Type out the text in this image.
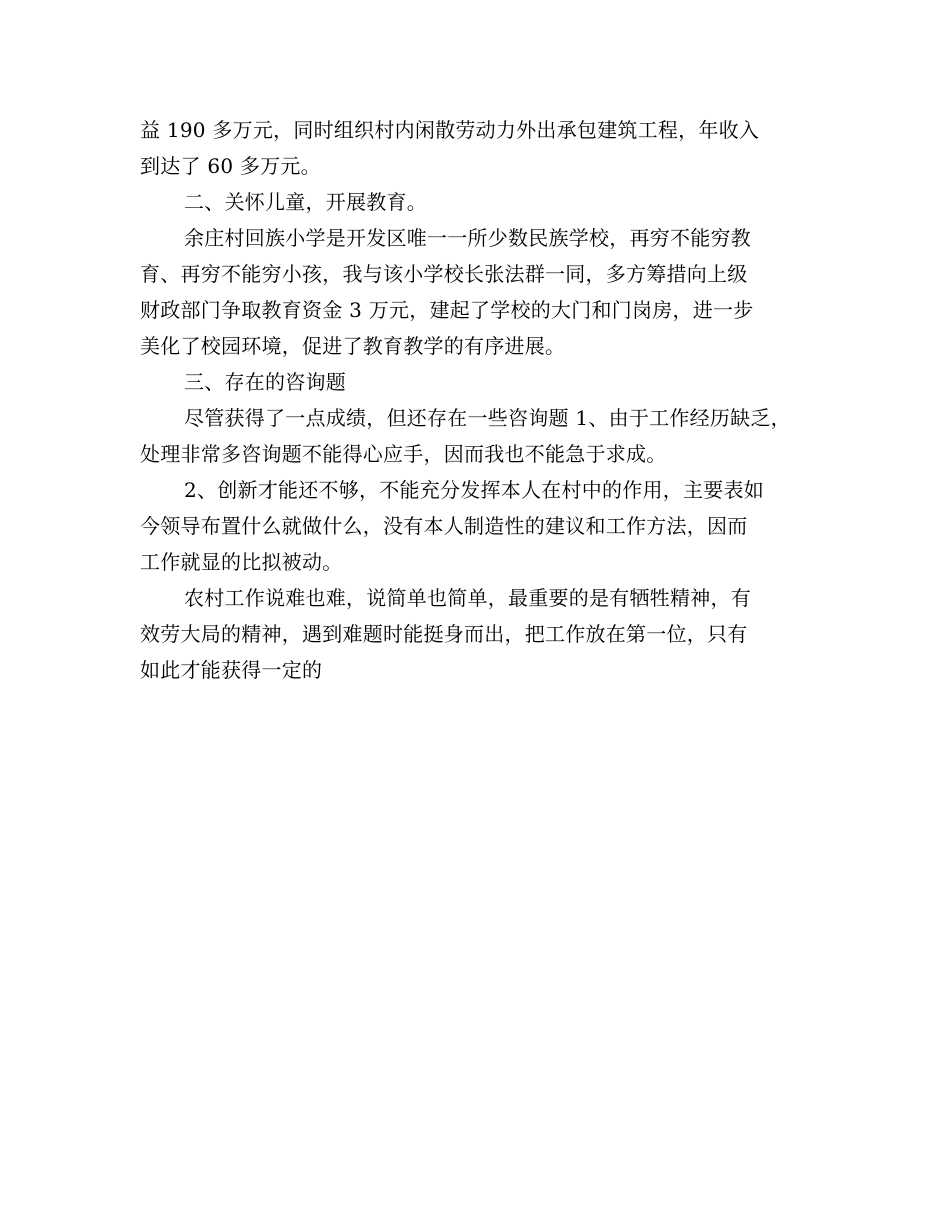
益 190 多万元，同时组织村内闲散劳动力外出承包建筑工程，年收入
到达了 60 多万元。
二、关怀儿童，开展教育。
余庄村回族小学是开发区唯一一所少数民族学校，再穷不能穷教
育、再穷不能穷小孩，我与该小学校长张法群一同，多方筹措向上级
财政部门争取教育资金 3 万元，建起了学校的大门和门岗房，进一步
美化了校园环境，促进了教育教学的有序进展。
三、存在的咨询题
尽管获得了一点成绩，但还存在一些咨询题 1、由于工作经历缺乏，
处理非常多咨询题不能得心应手，因而我也不能急于求成。
2、创新才能还不够，不能充分发挥本人在村中的作用，主要表如
今领导布置什么就做什么，没有本人制造性的建议和工作方法，因而
工作就显的比拟被动。
农村工作说难也难，说简单也简单，最重要的是有牺牲精神，有
效劳大局的精神，遇到难题时能挺身而出，把工作放在第一位，只有
如此才能获得一定的
